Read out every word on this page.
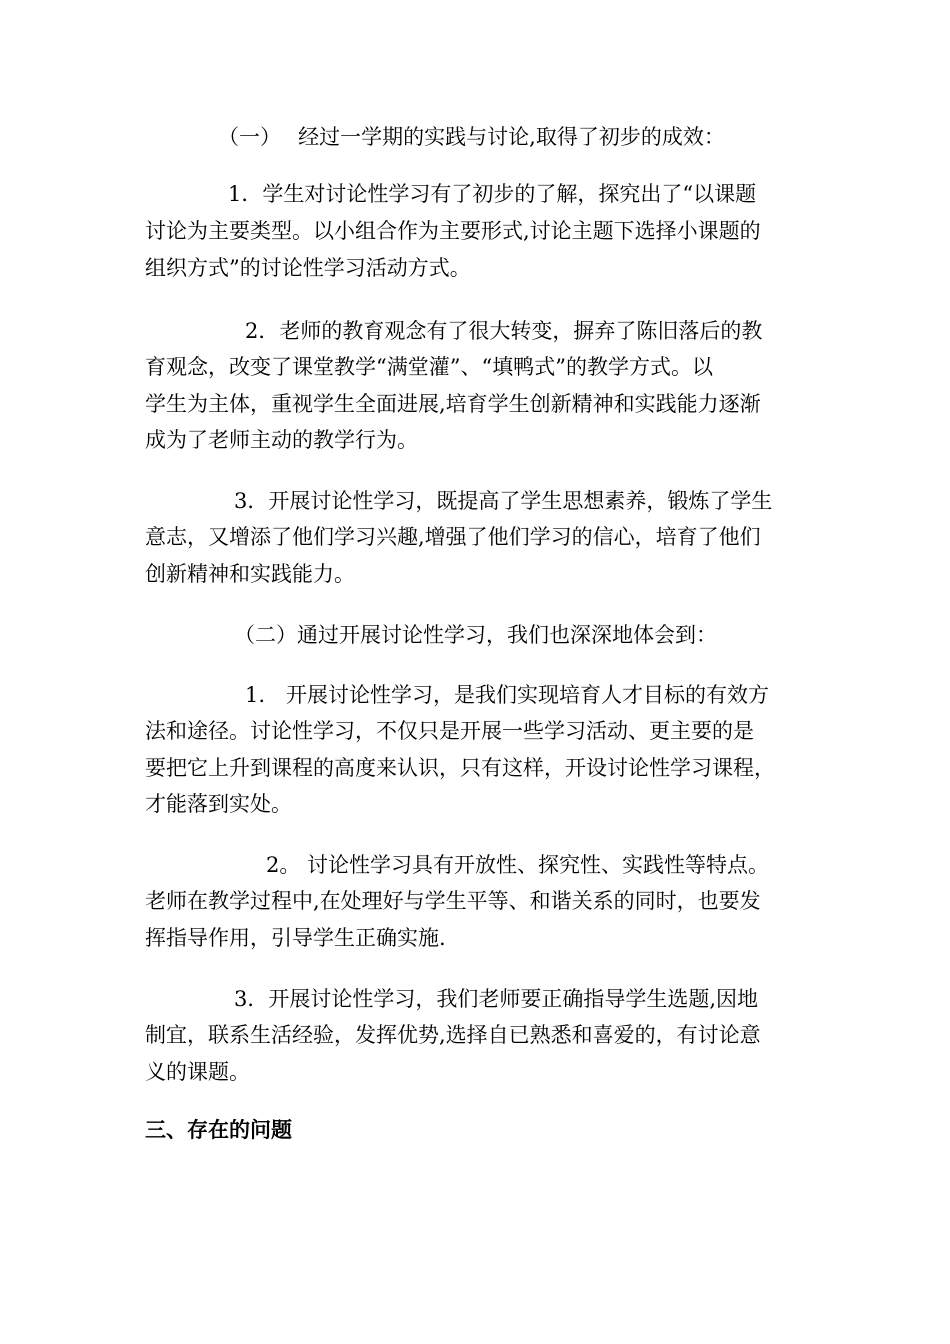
（一）　 经过一学期的实践与讨论,取得了初步的成效：
1．学生对讨论性学习有了初步的了解，探究出了“以课题
讨论为主要类型。以小组合作为主要形式,讨论主题下选择小课题的
组织方式”的讨论性学习活动方式。
2．老师的教育观念有了很大转变，摒弃了陈旧落后的教
育观念，改变了课堂教学“满堂灌”、“填鸭式”的教学方式。以
学生为主体，重视学生全面进展,培育学生创新精神和实践能力逐渐
成为了老师主动的教学行为。
3．开展讨论性学习，既提高了学生思想素养，锻炼了学生
意志，又增添了他们学习兴趣,增强了他们学习的信心，培育了他们
创新精神和实践能力。
（二）通过开展讨论性学习，我们也深深地体会到：
1.　开展讨论性学习，是我们实现培育人才目标的有效方
法和途径。讨论性学习，不仅只是开展一些学习活动、更主要的是
要把它上升到课程的高度来认识，只有这样，开设讨论性学习课程，
才能落到实处。
2。 讨论性学习具有开放性、探究性、实践性等特点。
老师在教学过程中,在处理好与学生平等、和谐关系的同时，也要发
挥指导作用，引导学生正确实施.
3．开展讨论性学习，我们老师要正确指导学生选题,因地
制宜，联系生活经验，发挥优势,选择自已熟悉和喜爱的，有讨论意
义的课题。
三、存在的问题
